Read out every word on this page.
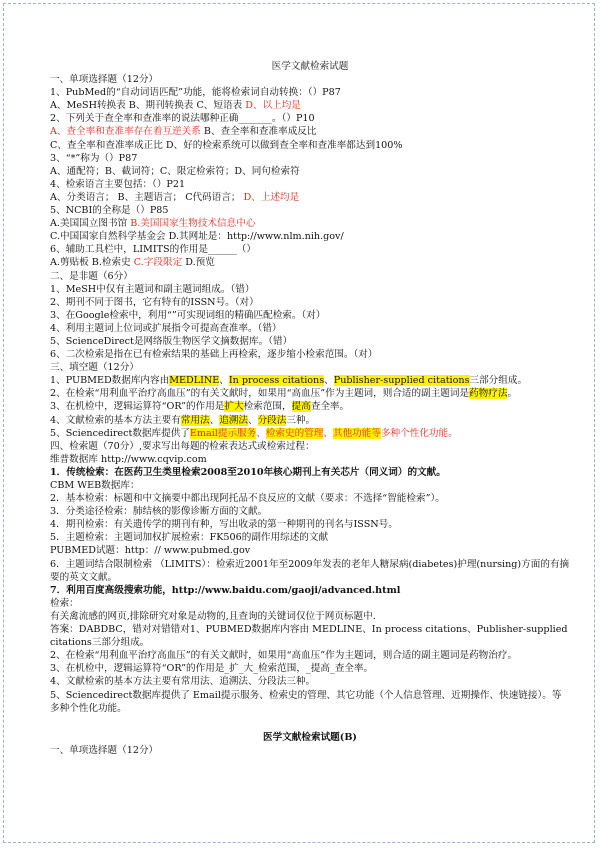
医学文献检索试题
一、单项选择题（12分）
1、PubMed的“自动词语匹配”功能，能将检索词自动转换：（）P87
A、MeSH转换表 B、期刊转换表 C、短语表 D、以上均是
2、下列关于查全率和查准率的说法哪种正确_______。（）P10
A、查全率和查准率存在着互逆关系 B、查全率和查准率成反比
C、查全率和查准率成正比 D、好的检索系统可以做到查全率和查准率都达到100%
3、“*”称为（）P87
A、通配符；B、截词符；C、限定检索符；D、同句检索符
4、检索语言主要包括：（）P21
A、分类语言； B、主题语言； C代码语言； D、上述均是
5、NCBI的全称是（）P85
A.美国国立图书馆 B.美国国家生物技术信息中心
C.中国国家自然科学基金会 D.其网址是：http://www.nlm.nih.gov/
6、辅助工具栏中，LIMITS的作用是______（）
A.剪贴板 B.检索史 C.字段限定 D.预览
二、是非题（6分）
1、MeSH中仅有主题词和副主题词组成。（错）
2、期刊不同于图书，它有特有的ISSN号。（对）
3、在Google检索中，利用“”可实现词组的精确匹配检索。（对）
4、利用主题词上位词或扩展指令可提高查准率。（错）
5、ScienceDirect是网络版生物医学文摘数据库。（错）
6、二次检索是指在已有检索结果的基础上再检索，逐步缩小检索范围。（对）
三、填空题（12分）
1、PUBMED数据库内容由MEDLINE、In process citations、Publisher-supplied citations三部分组成。
2、在检索“用利血平治疗高血压”的有关文献时，如果用“高血压”作为主题词，则合适的副主题词是药物疗法。
3、在机检中，逻辑运算符“OR”的作用是扩大检索范围，提高查全率。
4、文献检索的基本方法主要有常用法、追溯法、分段法三种。
5、Sciencedirect数据库提供了Email提示服务、检索史的管理、其他功能等多种个性化功能。
四、检索题（70分）,要求写出每题的检索表达式或检索过程：
维普数据库 http://www.cqvip.com
1．传统检索：在医药卫生类里检索2008至2010年核心期刊上有关芯片（同义词）的文献。
CBM WEB数据库：
2．基本检索：标题和中文摘要中都出现阿托品不良反应的文献（要求：不选择“智能检索”）。
3．分类途径检索：肺结核的影像诊断方面的文献。
4．期刊检索：有关遗传学的期刊有种，写出收录的第一种期刊的刊名与ISSN号。
5．主题检索：主题词加权扩展检索：FK506的副作用综述的文献
PUBMED试题：http：// www.pubmed.gov
6．主题词结合限制检索 （LIMITS）：检索近2001年至2009年发表的老年人糖尿病(diabetes)护理(nursing)方面的有摘要的英文文献。
7．利用百度高级搜索功能，http://www.baidu.com/gaoji/advanced.html
检索：
有关禽流感的网页,排除研究对象是动物的,且查询的关键词仅位于网页标题中.
答案：DABDBC，错对对错错对1、PUBMED数据库内容由 MEDLINE、In process citations、Publisher-supplied citations三部分组成。
2、在检索“用利血平治疗高血压”的有关文献时，如果用“高血压”作为主题词，则合适的副主题词是药物治疗。
3、在机检中，逻辑运算符“OR”的作用是_扩_大_检索范围，_提高_查全率。
4、文献检索的基本方法主要有常用法、追溯法、分段法三种。
5、Sciencedirect数据库提供了 Email提示服务、检索史的管理、其它功能（个人信息管理、近期操作、快速链接）。等多种个性化功能。
医学文献检索试题(B)
一、单项选择题（12分）
